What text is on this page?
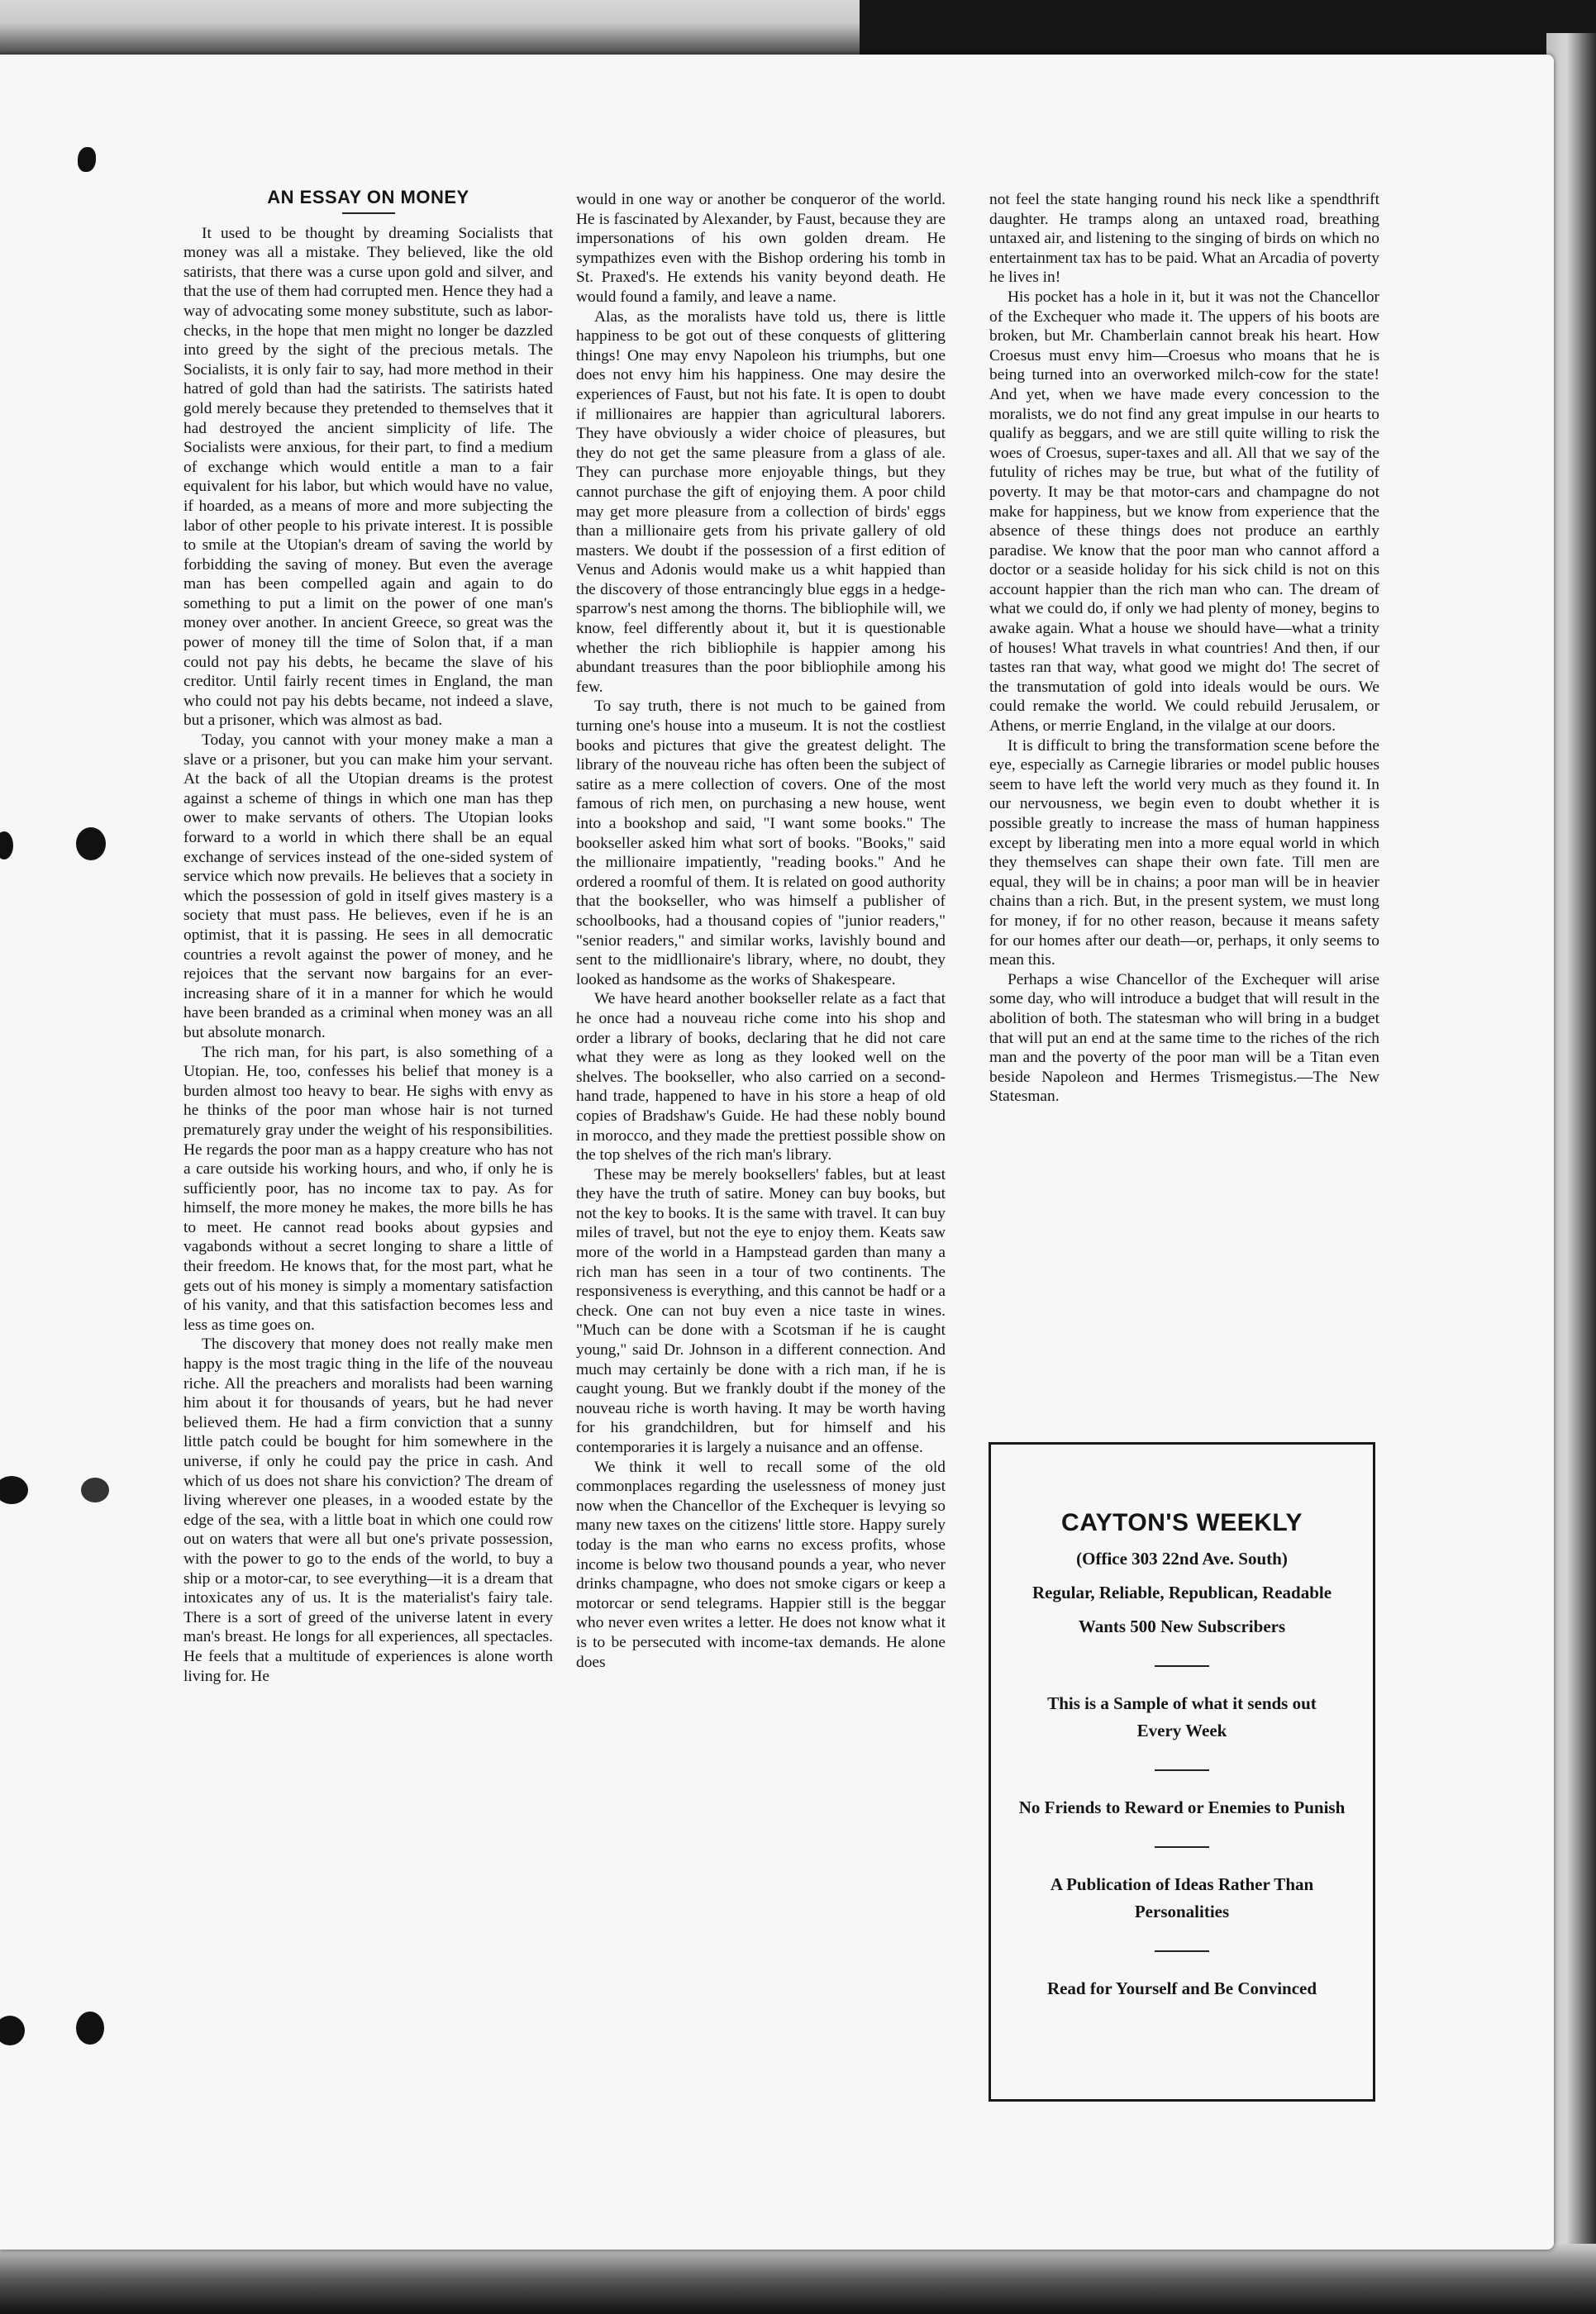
AN ESSAY ON MONEY

It used to be thought by dreaming Socialists that money was all a mistake. They believed, like the old satirists, that there was a curse upon gold and silver, and that the use of them had corrupted men. Hence they had a way of advocating some money substitute, such as labor-checks, in the hope that men might no longer be dazzled into greed by the sight of the precious metals. The Socialists, it is only fair to say, had more method in their hatred of gold than had the satirists. The satirists hated gold merely because they pretended to themselves that it had destroyed the ancient simplicity of life. The Socialists were anxious, for their part, to find a medium of exchange which would entitle a man to a fair equivalent for his labor, but which would have no value, if hoarded, as a means of more and more subjecting the labor of other people to his private interest. It is possible to smile at the Utopian's dream of saving the world by forbidding the saving of money. But even the average man has been compelled again and again to do something to put a limit on the power of one man's money over another. In ancient Greece, so great was the power of money till the time of Solon that, if a man could not pay his debts, he became the slave of his creditor. Until fairly recent times in England, the man who could not pay his debts became, not indeed a slave, but a prisoner, which was almost as bad.

Today, you cannot with your money make a man a slave or a prisoner, but you can make him your servant. At the back of all the Utopian dreams is the protest against a scheme of things in which one man has thep ower to make servants of others. The Utopian looks forward to a world in which there shall be an equal exchange of services instead of the one-sided system of service which now prevails. He believes that a society in which the possession of gold in itself gives mastery is a society that must pass. He believes, even if he is an optimist, that it is passing. He sees in all democratic countries a revolt against the power of money, and he rejoices that the servant now bargains for an ever-increasing share of it in a manner for which he would have been branded as a criminal when money was an all but absolute monarch.

The rich man, for his part, is also something of a Utopian. He, too, confesses his belief that money is a burden almost too heavy to bear. He sighs with envy as he thinks of the poor man whose hair is not turned prematurely gray under the weight of his responsibilities. He regards the poor man as a happy creature who has not a care outside his working hours, and who, if only he is sufficiently poor, has no income tax to pay. As for himself, the more money he makes, the more bills he has to meet. He cannot read books about gypsies and vagabonds without a secret longing to share a little of their freedom. He knows that, for the most part, what he gets out of his money is simply a momentary satisfaction of his vanity, and that this satisfaction becomes less and less as time goes on.

The discovery that money does not really make men happy is the most tragic thing in the life of the nouveau riche. All the preachers and moralists had been warning him about it for thousands of years, but he had never believed them. He had a firm conviction that a sunny little patch could be bought for him somewhere in the universe, if only he could pay the price in cash. And which of us does not share his conviction? The dream of living wherever one pleases, in a wooded estate by the edge of the sea, with a little boat in which one could row out on waters that were all but one's private possession, with the power to go to the ends of the world, to buy a ship or a motor-car, to see everything—it is a dream that intoxicates any of us. It is the materialist's fairy tale. There is a sort of greed of the universe latent in every man's breast. He longs for all experiences, all spectacles. He feels that a multitude of experiences is alone worth living for. He

would in one way or another be conqueror of the world. He is fascinated by Alexander, by Faust, because they are impersonations of his own golden dream. He sympathizes even with the Bishop ordering his tomb in St. Praxed's. He extends his vanity beyond death. He would found a family, and leave a name.

Alas, as the moralists have told us, there is little happiness to be got out of these conquests of glittering things! One may envy Napoleon his triumphs, but one does not envy him his happiness. One may desire the experiences of Faust, but not his fate. It is open to doubt if millionaires are happier than agricultural laborers. They have obviously a wider choice of pleasures, but they do not get the same pleasure from a glass of ale. They can purchase more enjoyable things, but they cannot purchase the gift of enjoying them. A poor child may get more pleasure from a collection of birds' eggs than a millionaire gets from his private gallery of old masters. We doubt if the possession of a first edition of Venus and Adonis would make us a whit happied than the discovery of those entrancingly blue eggs in a hedge-sparrow's nest among the thorns. The bibliophile will, we know, feel differently about it, but it is questionable whether the rich bibliophile is happier among his abundant treasures than the poor bibliophile among his few.

To say truth, there is not much to be gained from turning one's house into a museum. It is not the costliest books and pictures that give the greatest delight. The library of the nouveau riche has often been the subject of satire as a mere collection of covers. One of the most famous of rich men, on purchasing a new house, went into a bookshop and said, "I want some books." The bookseller asked him what sort of books. "Books," said the millionaire impatiently, "reading books." And he ordered a roomful of them. It is related on good authority that the bookseller, who was himself a publisher of schoolbooks, had a thousand copies of "junior readers," "senior readers," and similar works, lavishly bound and sent to the midllionaire's library, where, no doubt, they looked as handsome as the works of Shakespeare.

We have heard another bookseller relate as a fact that he once had a nouveau riche come into his shop and order a library of books, declaring that he did not care what they were as long as they looked well on the shelves. The bookseller, who also carried on a second-hand trade, happened to have in his store a heap of old copies of Bradshaw's Guide. He had these nobly bound in morocco, and they made the prettiest possible show on the top shelves of the rich man's library.

These may be merely booksellers' fables, but at least they have the truth of satire. Money can buy books, but not the key to books. It is the same with travel. It can buy miles of travel, but not the eye to enjoy them. Keats saw more of the world in a Hampstead garden than many a rich man has seen in a tour of two continents. The responsiveness is everything, and this cannot be hadf or a check. One can not buy even a nice taste in wines. "Much can be done with a Scotsman if he is caught young," said Dr. Johnson in a different connection. And much may certainly be done with a rich man, if he is caught young. But we frankly doubt if the money of the nouveau riche is worth having. It may be worth having for his grandchildren, but for himself and his contemporaries it is largely a nuisance and an offense.

We think it well to recall some of the old commonplaces regarding the uselessness of money just now when the Chancellor of the Exchequer is levying so many new taxes on the citizens' little store. Happy surely today is the man who earns no excess profits, whose income is below two thousand pounds a year, who never drinks champagne, who does not smoke cigars or keep a motorcar or send telegrams. Happier still is the beggar who never even writes a letter. He does not know what it is to be persecuted with income-tax demands. He alone does

not feel the state hanging round his neck like a spendthrift daughter. He tramps along an untaxed road, breathing untaxed air, and listening to the singing of birds on which no entertainment tax has to be paid. What an Arcadia of poverty he lives in!

His pocket has a hole in it, but it was not the Chancellor of the Exchequer who made it. The uppers of his boots are broken, but Mr. Chamberlain cannot break his heart. How Croesus must envy him—Croesus who moans that he is being turned into an overworked milch-cow for the state! And yet, when we have made every concession to the moralists, we do not find any great impulse in our hearts to qualify as beggars, and we are still quite willing to risk the woes of Croesus, super-taxes and all. All that we say of the futulity of riches may be true, but what of the futility of poverty. It may be that motor-cars and champagne do not make for happiness, but we know from experience that the absence of these things does not produce an earthly paradise. We know that the poor man who cannot afford a doctor or a seaside holiday for his sick child is not on this account happier than the rich man who can. The dream of what we could do, if only we had plenty of money, begins to awake again. What a house we should have—what a trinity of houses! What travels in what countries! And then, if our tastes ran that way, what good we might do! The secret of the transmutation of gold into ideals would be ours. We could remake the world. We could rebuild Jerusalem, or Athens, or merrie England, in the vilalge at our doors.

It is difficult to bring the transformation scene before the eye, especially as Carnegie libraries or model public houses seem to have left the world very much as they found it. In our nervousness, we begin even to doubt whether it is possible greatly to increase the mass of human happiness except by liberating men into a more equal world in which they themselves can shape their own fate. Till men are equal, they will be in chains; a poor man will be in heavier chains than a rich. But, in the present system, we must long for money, if for no other reason, because it means safety for our homes after our death—or, perhaps, it only seems to mean this.

Perhaps a wise Chancellor of the Exchequer will arise some day, who will introduce a budget that will result in the abolition of both. The statesman who will bring in a budget that will put an end at the same time to the riches of the rich man and the poverty of the poor man will be a Titan even beside Napoleon and Hermes Trismegistus.—The New Statesman.

CAYTON'S WEEKLY
(Office 303 22nd Ave. South)
Regular, Reliable, Republican, Readable
Wants 500 New Subscribers
This is a Sample of what it sends out Every Week
No Friends to Reward or Enemies to Punish
A Publication of Ideas Rather Than Personalities
Read for Yourself and Be Convinced
